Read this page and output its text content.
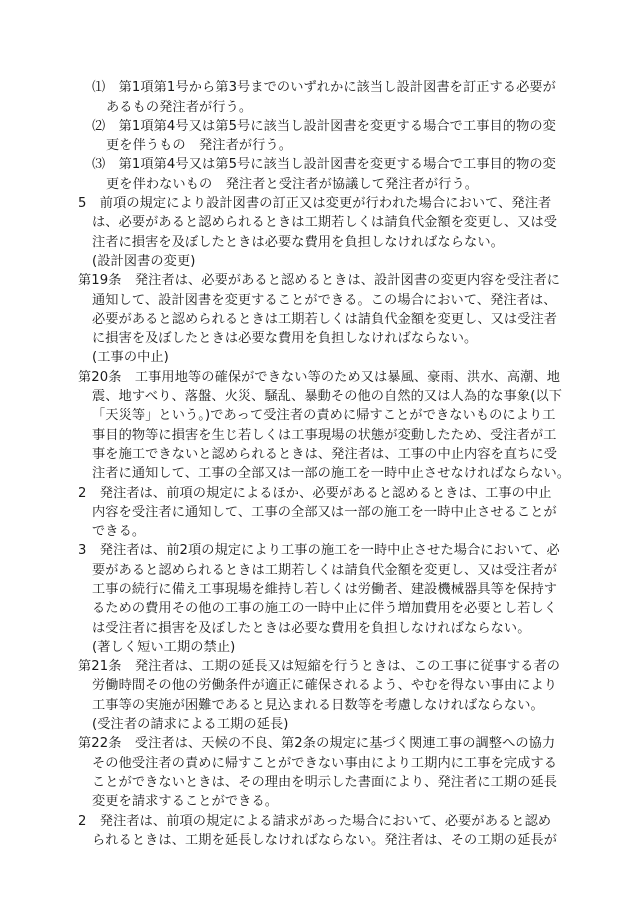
⑴　第1項第1号から第3号までのいずれかに該当し設計図書を訂正する必要が
あるもの発注者が行う。
⑵　第1項第4号又は第5号に該当し設計図書を変更する場合で工事目的物の変
更を伴うもの　発注者が行う。
⑶　第1項第4号又は第5号に該当し設計図書を変更する場合で工事目的物の変
更を伴わないもの　発注者と受注者が協議して発注者が行う。
5　前項の規定により設計図書の訂正又は変更が行われた場合において、発注者
は、必要があると認められるときは工期若しくは請負代金額を変更し、又は受
注者に損害を及ぼしたときは必要な費用を負担しなければならない。
(設計図書の変更)
第19条　発注者は、必要があると認めるときは、設計図書の変更内容を受注者に
通知して、設計図書を変更することができる。この場合において、発注者は、
必要があると認められるときは工期若しくは請負代金額を変更し、又は受注者
に損害を及ぼしたときは必要な費用を負担しなければならない。
(工事の中止)
第20条　工事用地等の確保ができない等のため又は暴風、豪雨、洪水、高潮、地
震、地すべり、落盤、火災、騒乱、暴動その他の自然的又は人為的な事象(以下
「天災等」という。)であって受注者の責めに帰すことができないものにより工
事目的物等に損害を生じ若しくは工事現場の状態が変動したため、受注者が工
事を施工できないと認められるときは、発注者は、工事の中止内容を直ちに受
注者に通知して、工事の全部又は一部の施工を一時中止させなければならない。
2　発注者は、前項の規定によるほか、必要があると認めるときは、工事の中止
内容を受注者に通知して、工事の全部又は一部の施工を一時中止させることが
できる。
3　発注者は、前2項の規定により工事の施工を一時中止させた場合において、必
要があると認められるときは工期若しくは請負代金額を変更し、又は受注者が
工事の続行に備え工事現場を維持し若しくは労働者、建設機械器具等を保持す
るための費用その他の工事の施工の一時中止に伴う増加費用を必要とし若しく
は受注者に損害を及ぼしたときは必要な費用を負担しなければならない。
(著しく短い工期の禁止)
第21条　発注者は、工期の延長又は短縮を行うときは、この工事に従事する者の
労働時間その他の労働条件が適正に確保されるよう、やむを得ない事由により
工事等の実施が困難であると見込まれる日数等を考慮しなければならない。
(受注者の請求による工期の延長)
第22条　受注者は、天候の不良、第2条の規定に基づく関連工事の調整への協力
その他受注者の責めに帰すことができない事由により工期内に工事を完成する
ことができないときは、その理由を明示した書面により、発注者に工期の延長
変更を請求することができる。
2　発注者は、前項の規定による請求があった場合において、必要があると認め
られるときは、工期を延長しなければならない。発注者は、その工期の延長が
